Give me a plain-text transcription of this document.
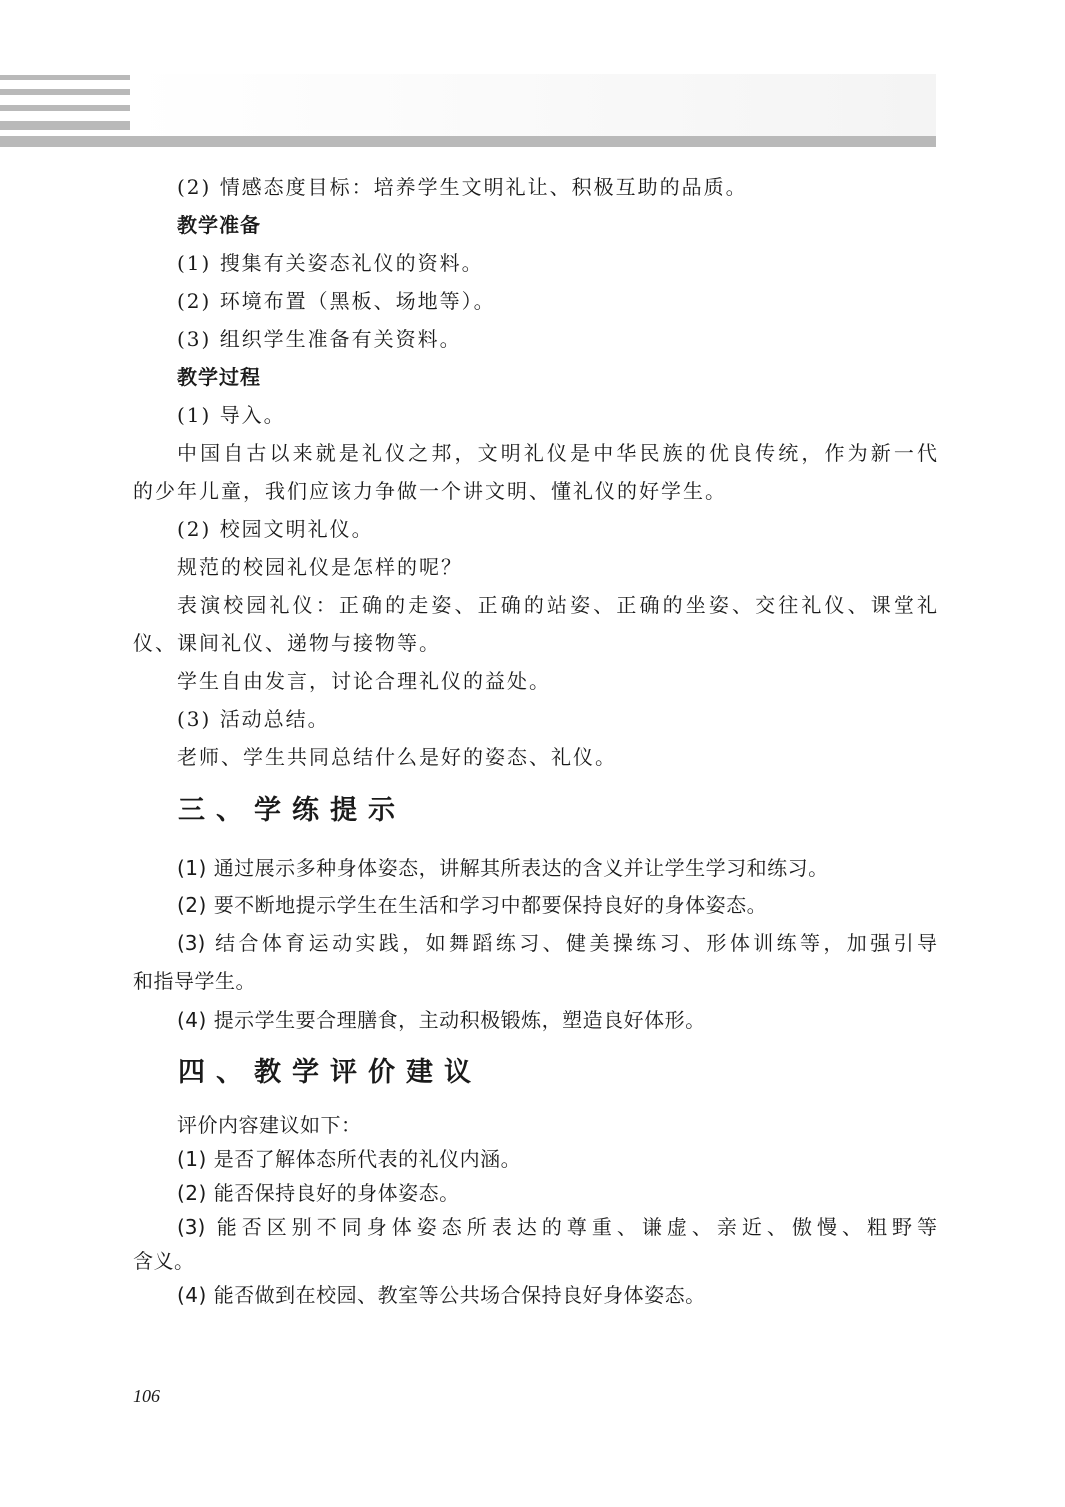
(2) 情感态度目标：培养学生文明礼让、积极互助的品质。
教学准备
(1) 搜集有关姿态礼仪的资料。
(2) 环境布置（黑板、场地等）。
(3) 组织学生准备有关资料。
教学过程
(1) 导入。
中国自古以来就是礼仪之邦，文明礼仪是中华民族的优良传统，作为新一代
的少年儿童，我们应该力争做一个讲文明、懂礼仪的好学生。
(2) 校园文明礼仪。
规范的校园礼仪是怎样的呢？
表演校园礼仪：正确的走姿、正确的站姿、正确的坐姿、交往礼仪、课堂礼
仪、课间礼仪、递物与接物等。
学生自由发言，讨论合理礼仪的益处。
(3) 活动总结。
老师、学生共同总结什么是好的姿态、礼仪。
三、学练提示
(1) 通过展示多种身体姿态，讲解其所表达的含义并让学生学习和练习。
(2) 要不断地提示学生在生活和学习中都要保持良好的身体姿态。
(3) 结合体育运动实践，如舞蹈练习、健美操练习、形体训练等，加强引导
和指导学生。
(4) 提示学生要合理膳食，主动积极锻炼，塑造良好体形。
四、教学评价建议
评价内容建议如下：
(1) 是否了解体态所代表的礼仪内涵。
(2) 能否保持良好的身体姿态。
(3) 能否区别不同身体姿态所表达的尊重、谦虚、亲近、傲慢、粗野等
含义。
(4) 能否做到在校园、教室等公共场合保持良好身体姿态。
106
